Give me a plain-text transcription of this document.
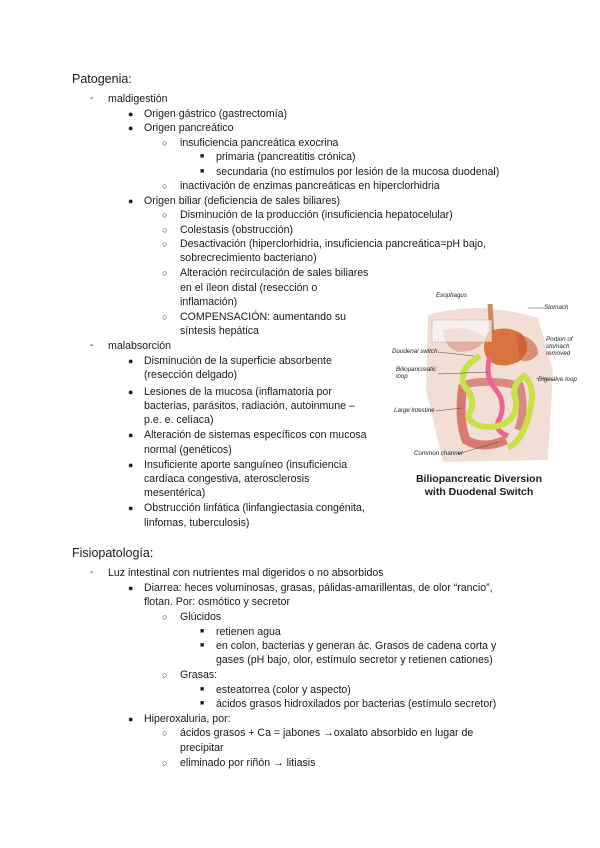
Patogenia:
- maldigestión
● Origen gástrico (gastrectomía)
● Origen pancreático
○ insuficiencia pancreática exocrina
■ primaria (pancreatitis crónica)
■ secundaria (no estímulos por lesión de la mucosa duodenal)
○ inactivación de enzimas pancreáticas en hiperclorhidria
● Origen biliar (deficiencia de sales biliares)
○ Disminución de la producción (insuficiencia hepatocelular)
○ Colestasis (obstrucción)
○ Desactivación (hiperclorhidria, insuficiencia pancreática=pH bajo,
sobrecrecimiento bacteriano)
○ Alteración recirculación de sales biliares
en el íleon distal (resección o
inflamación)
○ COMPENSACIÓN: aumentando su
síntesis hepática
- malabsorción
● Disminución de la superficie absorbente
(resección delgado)
● Lesiones de la mucosa (inflamatoria por
bacterias, parásitos, radiación, autoinmune –
p.e. e. celíaca)
● Alteración de sistemas específicos con mucosa
normal (genéticos)
● Insuficiente aporte sanguíneo (insuficiencia
cardíaca congestiva, aterosclerosis
mesentérica)
● Obstrucción linfática (linfangiectasia congénita,
linfomas, tuberculosis)
Esophagus
Stomach
Portion of
stomach
removed
Duodenal switch
Biliopancreatic
loop	Digestive loop
Large intestine
Common channel
Biliopancreatic Diversion
with Duodenal Switch
Fisiopatología:
- Luz intestinal con nutrientes mal digeridos o no absorbidos
● Diarrea: heces voluminosas, grasas, pálidas-amarillentas, de olor “rancio”,
flotan. Por: osmótico y secretor
○ Glúcidos
■ retienen agua
■ en colon, bacterias y generan ác. Grasos de cadena corta y
gases (pH bajo, olor, estímulo secretor y retienen cationes)
○ Grasas:
■ esteatorrea (color y aspecto)
■ ácidos grasos hidroxilados por bacterias (estímulo secretor)
● Hiperoxaluria, por:
○ ácidos grasos + Ca = jabones →oxalato absorbido en lugar de
precipitar
○ eliminado por riñón → litiasis
